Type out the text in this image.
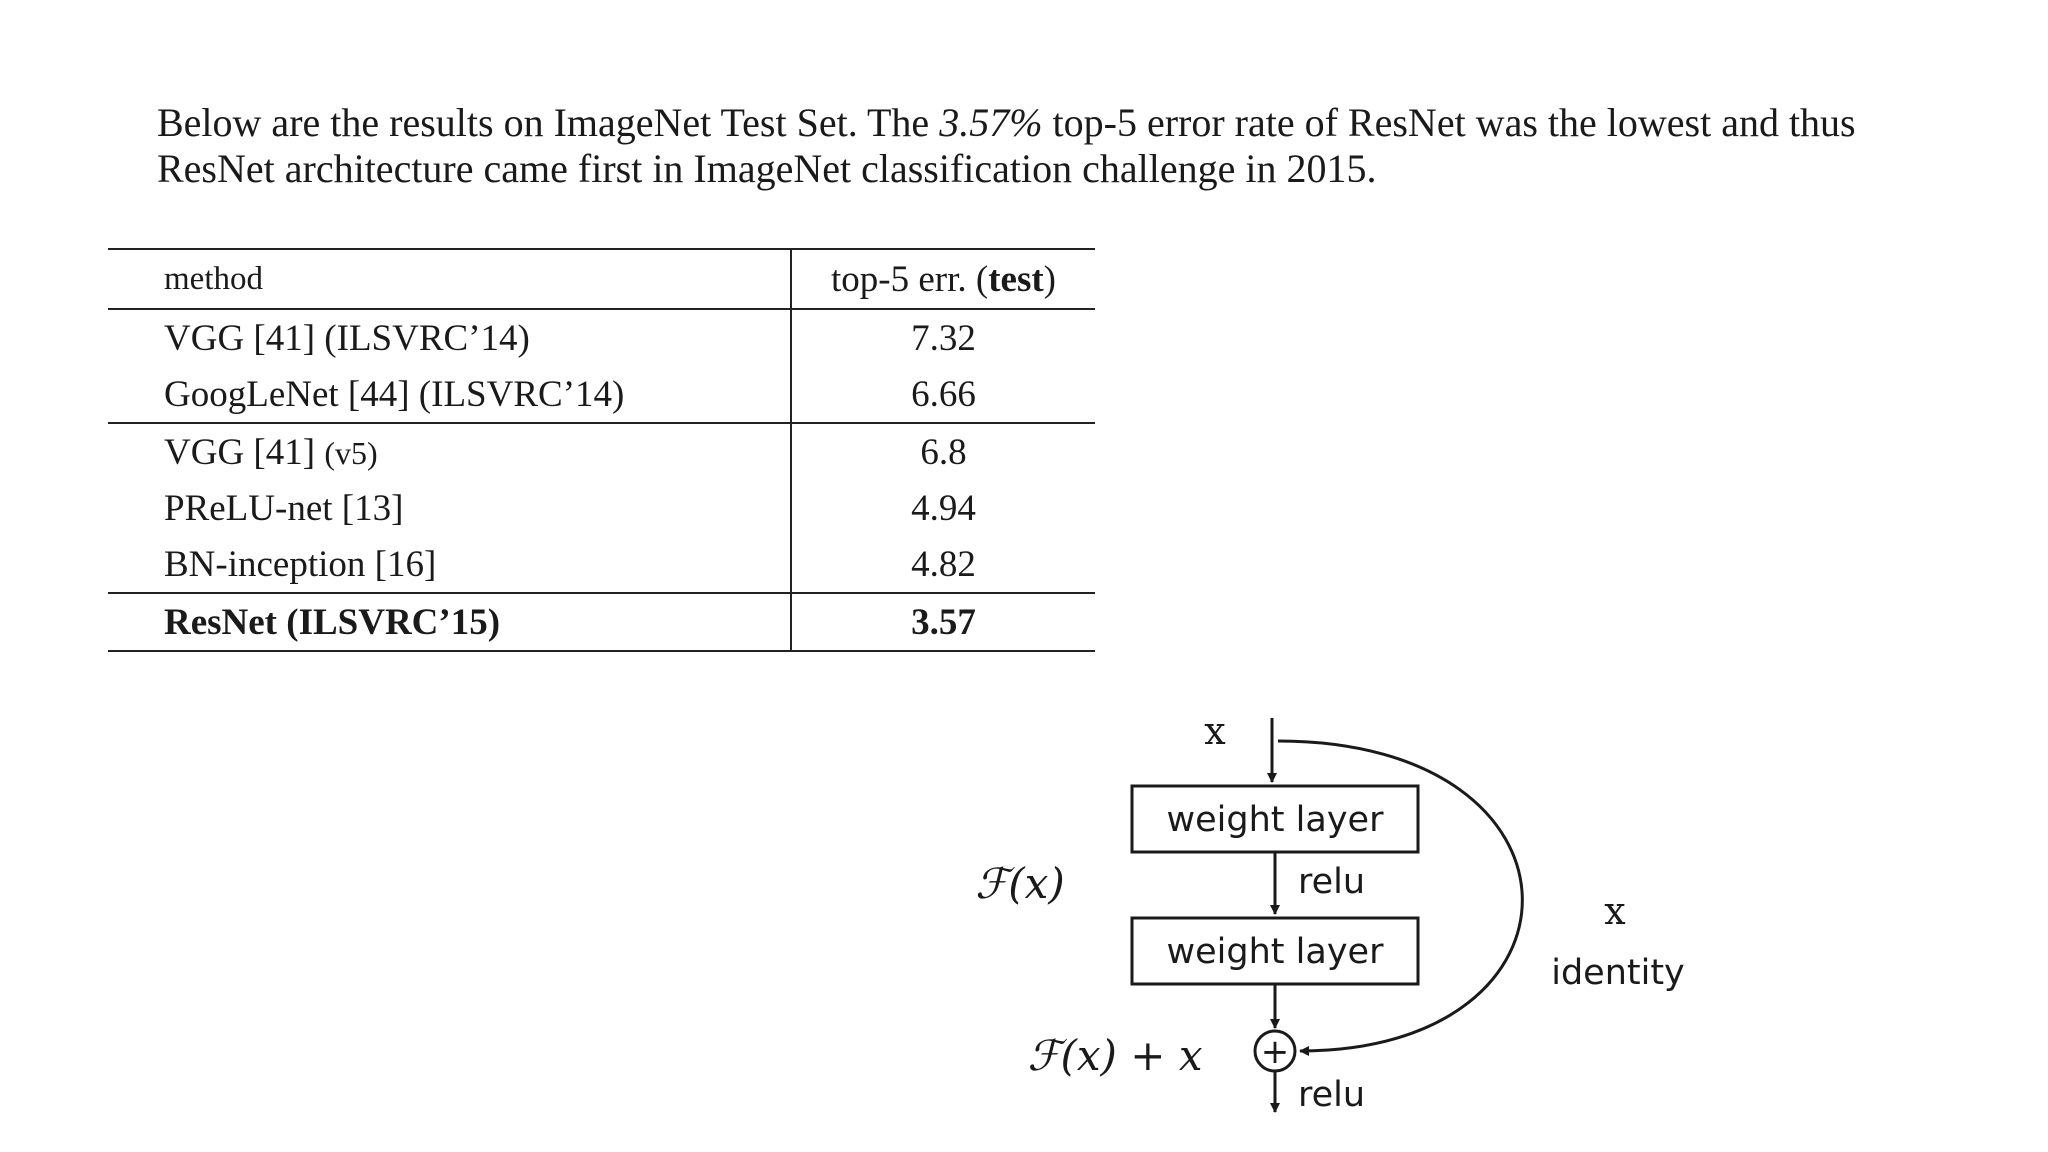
Below are the results on ImageNet Test Set. The 3.57% top-5 error rate of ResNet was the lowest and thus ResNet architecture came first in ImageNet classification challenge in 2015.

method	top-5 err. (test)
VGG [41] (ILSVRC’14)	7.32
GoogLeNet [44] (ILSVRC’14)	6.66
VGG [41] (v5)	6.8
PReLU-net [13]	4.94
BN-inception [16]	4.82
ResNet (ILSVRC’15)	3.57
x
weight layer
relu
weight layer
ℱ(x)
+
x
identity
ℱ(x) + x
relu
